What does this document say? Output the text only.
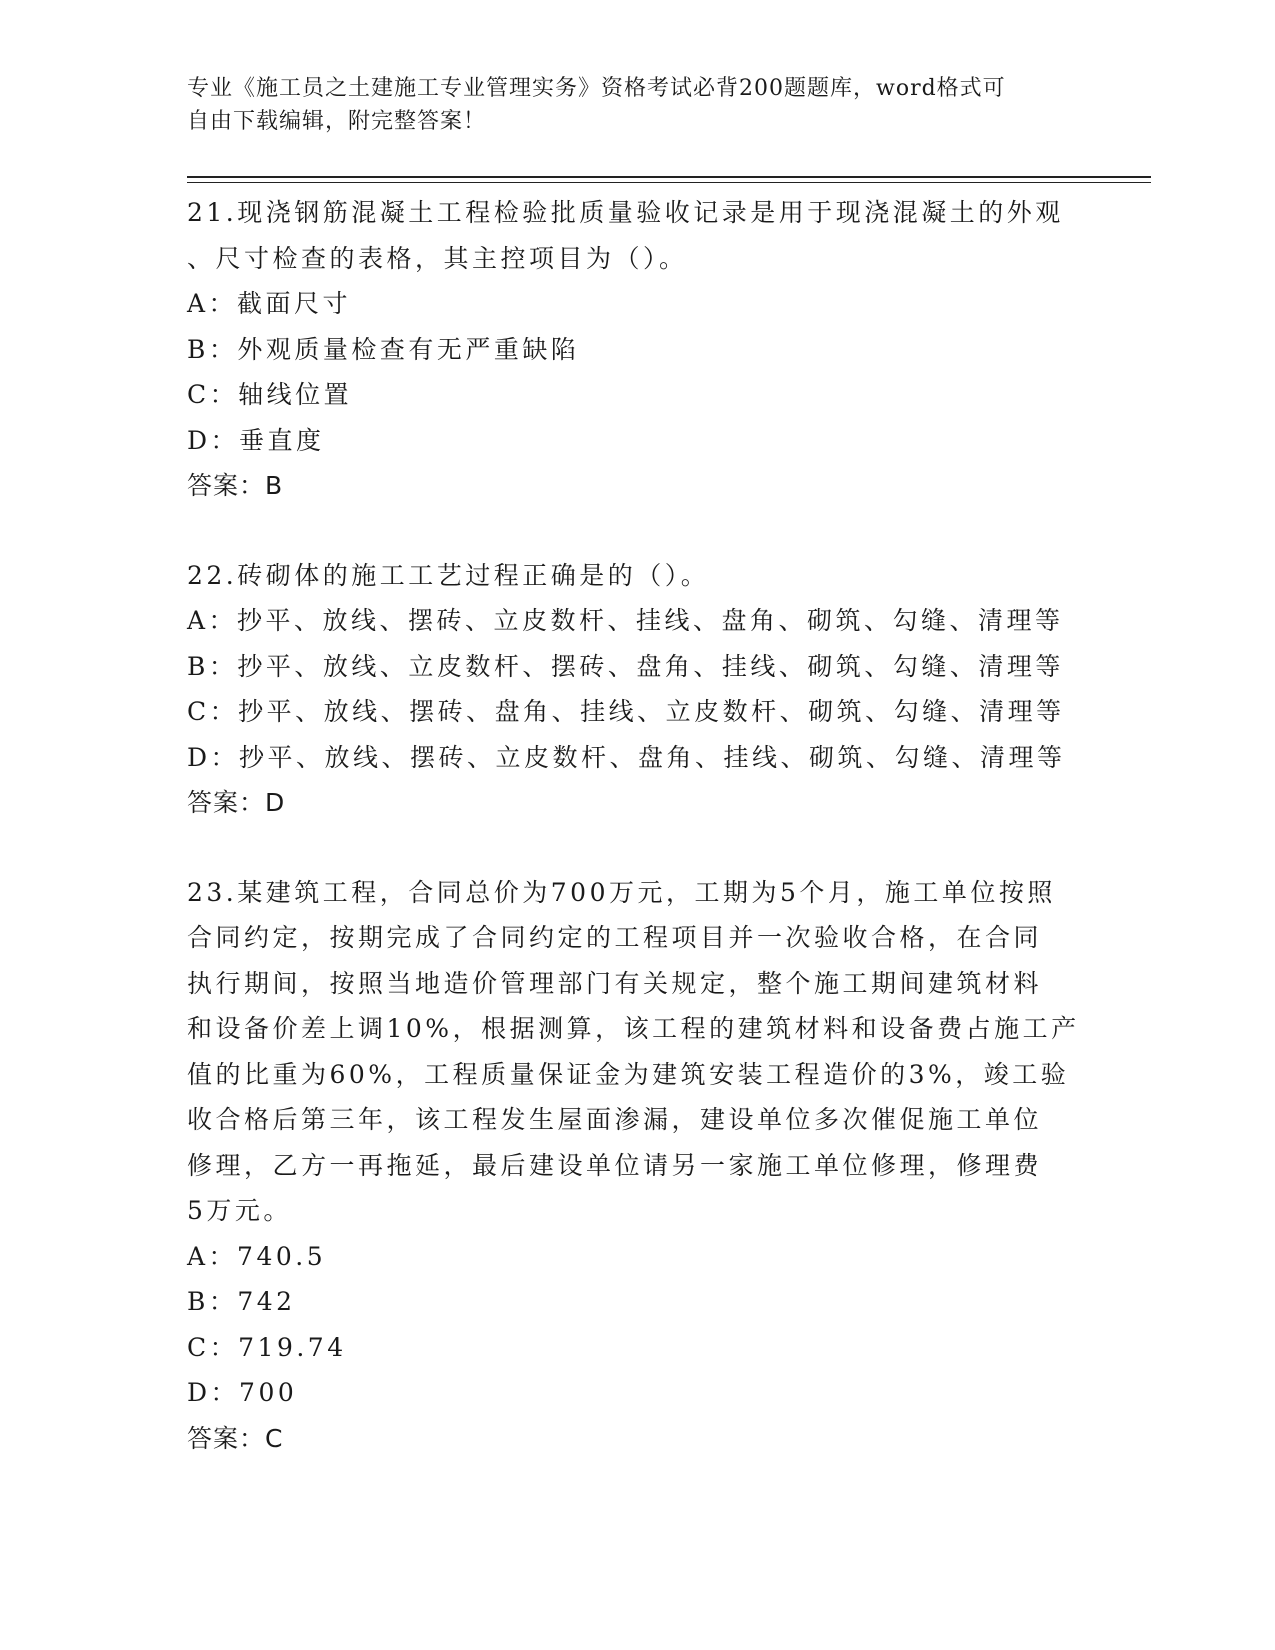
专业《施工员之土建施工专业管理实务》资格考试必背200题题库，word格式可
自由下载编辑，附完整答案！
21.现浇钢筋混凝土工程检验批质量验收记录是用于现浇混凝土的外观
、尺寸检查的表格，其主控项目为（）。
A：截面尺寸
B：外观质量检查有无严重缺陷
C：轴线位置
D：垂直度
答案：B
22.砖砌体的施工工艺过程正确是的（）。
A：抄平、放线、摆砖、立皮数杆、挂线、盘角、砌筑、勾缝、清理等
B：抄平、放线、立皮数杆、摆砖、盘角、挂线、砌筑、勾缝、清理等
C：抄平、放线、摆砖、盘角、挂线、立皮数杆、砌筑、勾缝、清理等
D：抄平、放线、摆砖、立皮数杆、盘角、挂线、砌筑、勾缝、清理等
答案：D
23.某建筑工程，合同总价为700万元，工期为5个月，施工单位按照
合同约定，按期完成了合同约定的工程项目并一次验收合格，在合同
执行期间，按照当地造价管理部门有关规定，整个施工期间建筑材料
和设备价差上调10%，根据测算，该工程的建筑材料和设备费占施工产
值的比重为60%，工程质量保证金为建筑安装工程造价的3%，竣工验
收合格后第三年，该工程发生屋面渗漏，建设单位多次催促施工单位
修理，乙方一再拖延，最后建设单位请另一家施工单位修理，修理费
5万元。
A：740.5
B：742
C：719.74
D：700
答案：C
